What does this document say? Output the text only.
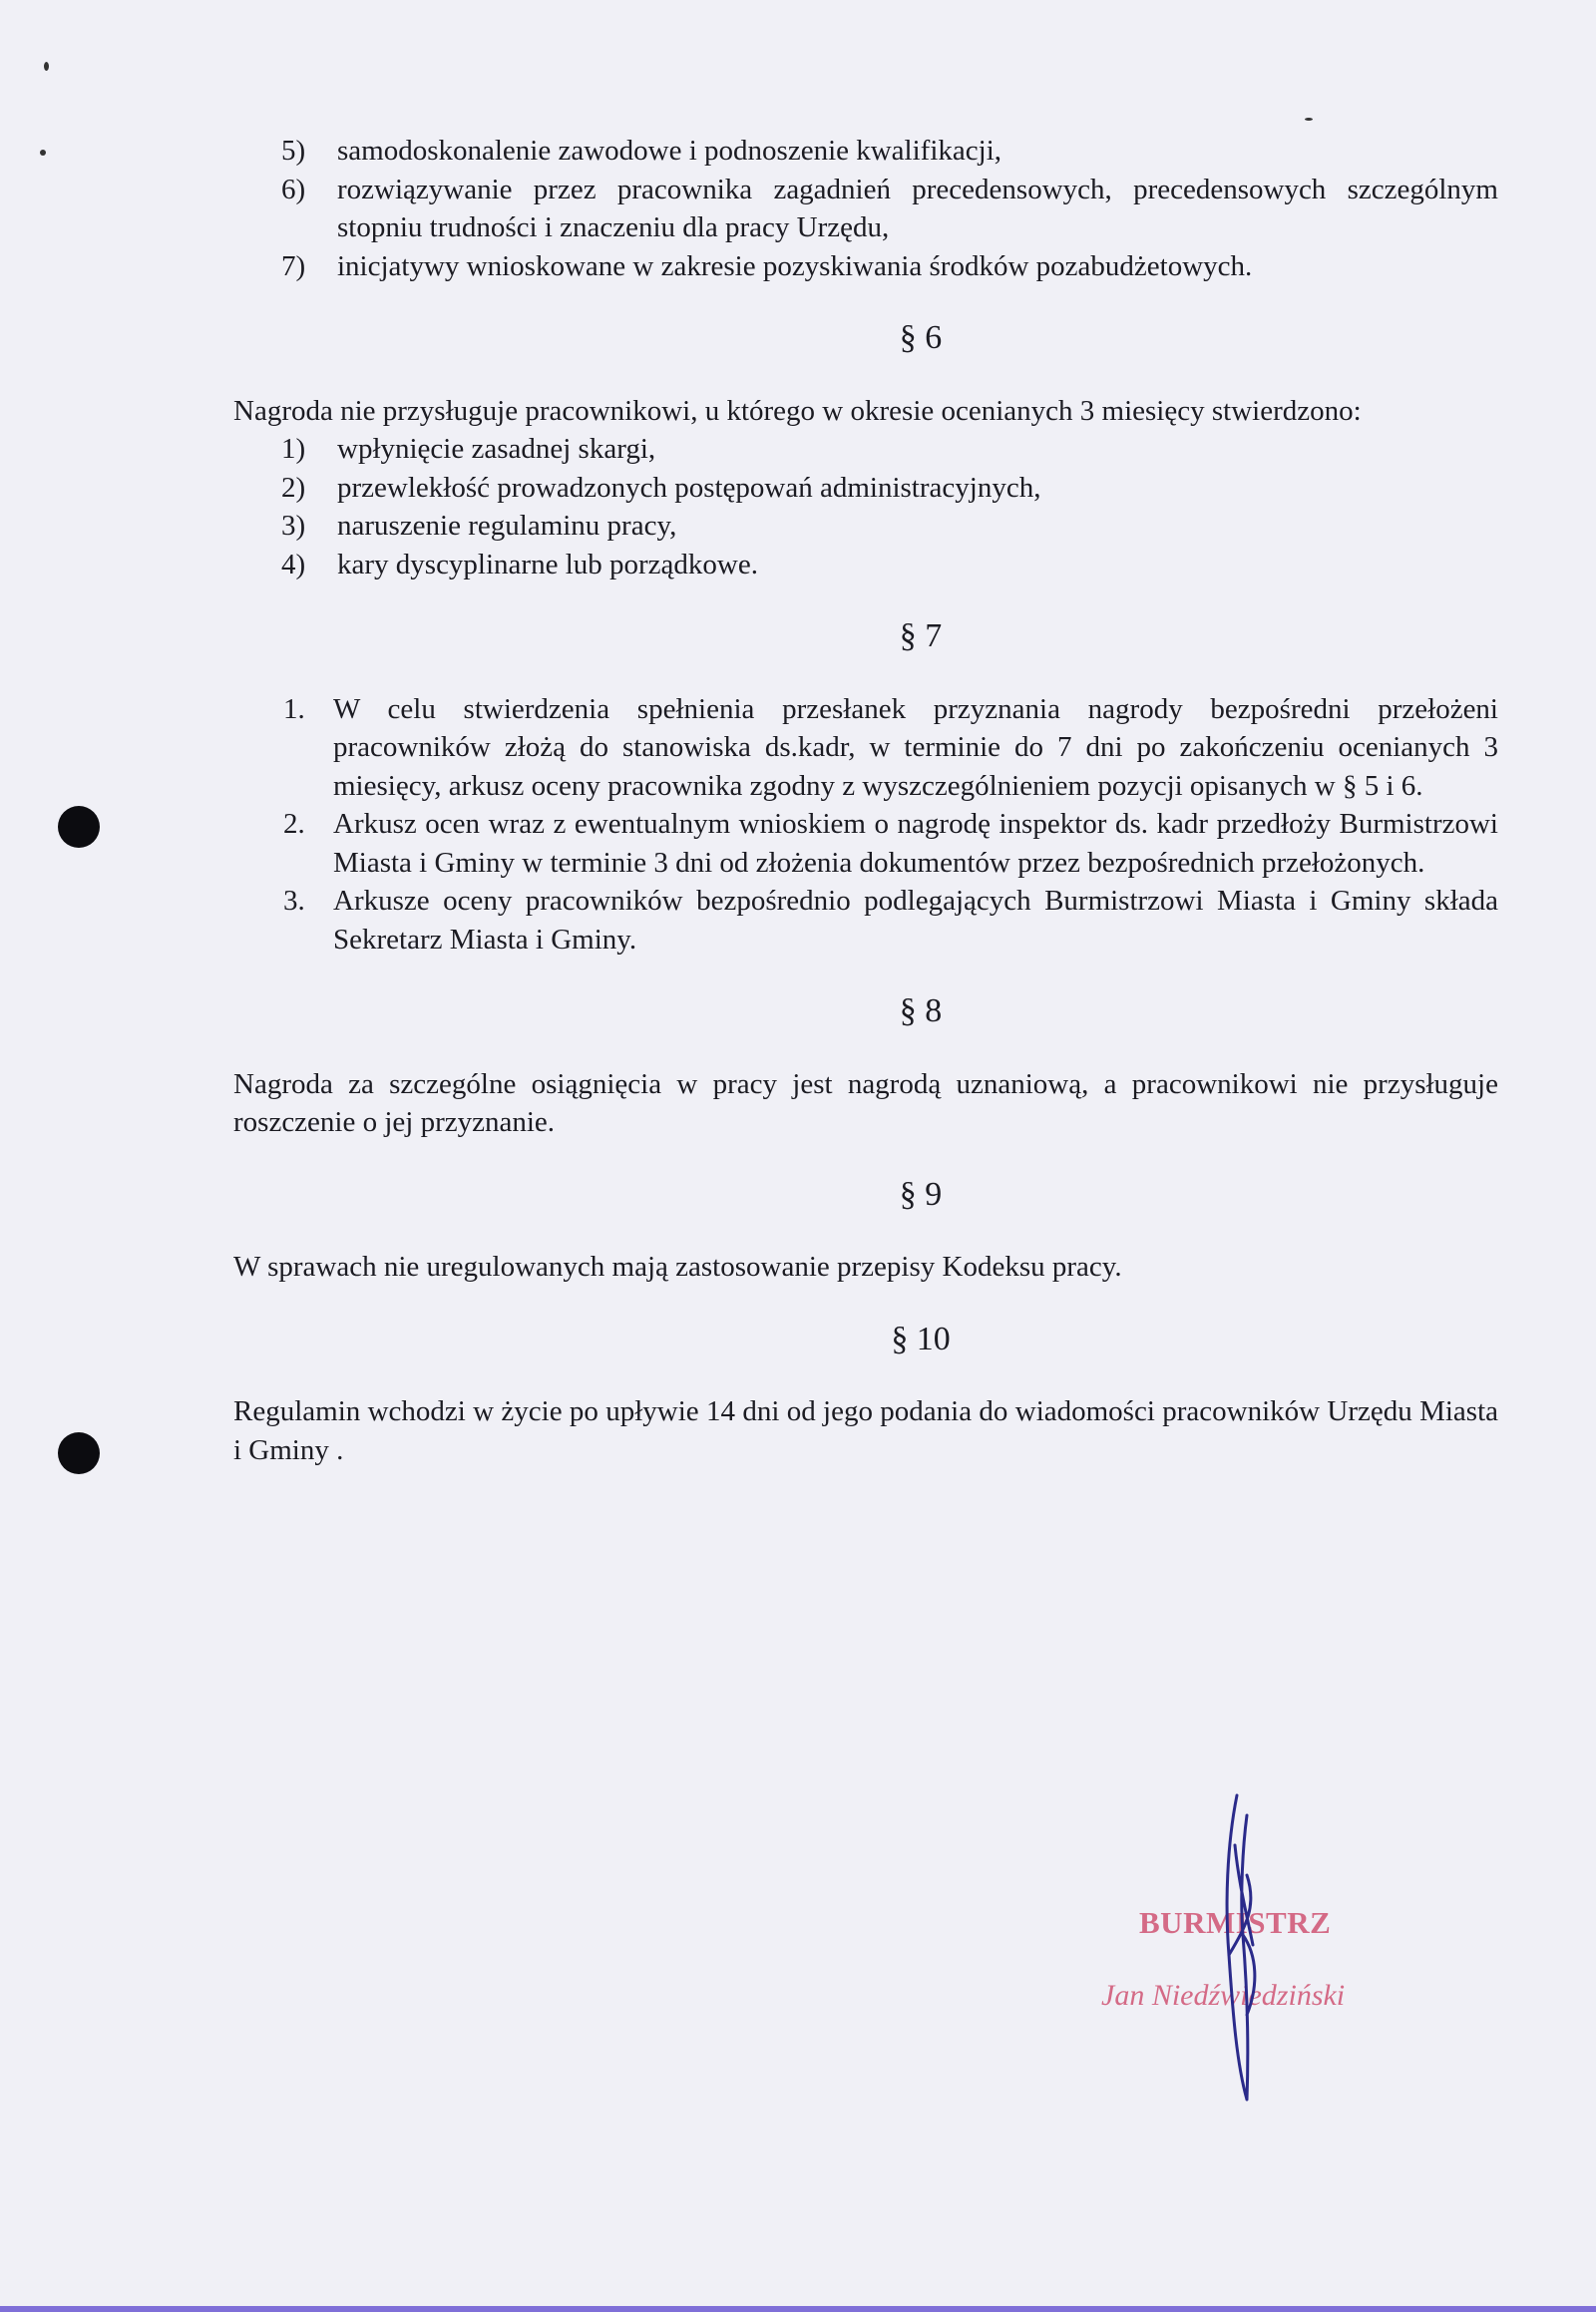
5) samodoskonalenie zawodowe i podnoszenie kwalifikacji,
6) rozwiązywanie przez pracownika zagadnień precedensowych, precedensowych szczególnym stopniu trudności i znaczeniu dla pracy Urzędu,
7) inicjatywy wnioskowane w zakresie pozyskiwania środków pozabudżetowych.
§ 6

Nagroda nie przysługuje pracownikowi, u którego w okresie ocenianych 3 miesięcy stwierdzono:

1) wpłynięcie zasadnej skargi,
2) przewlekłość prowadzonych postępowań administracyjnych,
3) naruszenie regulaminu pracy,
4) kary dyscyplinarne lub porządkowe.
§ 7
1. W celu stwierdzenia spełnienia przesłanek przyznania nagrody bezpośredni przełożeni pracowników złożą do stanowiska ds.kadr, w terminie do 7 dni po zakończeniu ocenianych 3 miesięcy, arkusz oceny pracownika zgodny z wyszczególnieniem pozycji opisanych w § 5 i 6.
2. Arkusz ocen wraz z ewentualnym wnioskiem o nagrodę inspektor ds. kadr przedłoży Burmistrzowi Miasta i Gminy w terminie 3 dni od złożenia dokumentów przez bezpośrednich przełożonych.
3. Arkusze oceny pracowników bezpośrednio podlegających Burmistrzowi Miasta i Gminy składa Sekretarz Miasta i Gminy.
§ 8

Nagroda za szczególne osiągnięcia w pracy jest nagrodą uznaniową, a pracownikowi nie przysługuje roszczenie o jej przyznanie.

§ 9

W sprawach nie uregulowanych mają zastosowanie przepisy Kodeksu pracy.

§ 10

Regulamin wchodzi w życie po upływie 14 dni od jego podania do wiadomości pracowników Urzędu Miasta i Gminy .

BURMISTRZ
Jan Niedźwiedziński
